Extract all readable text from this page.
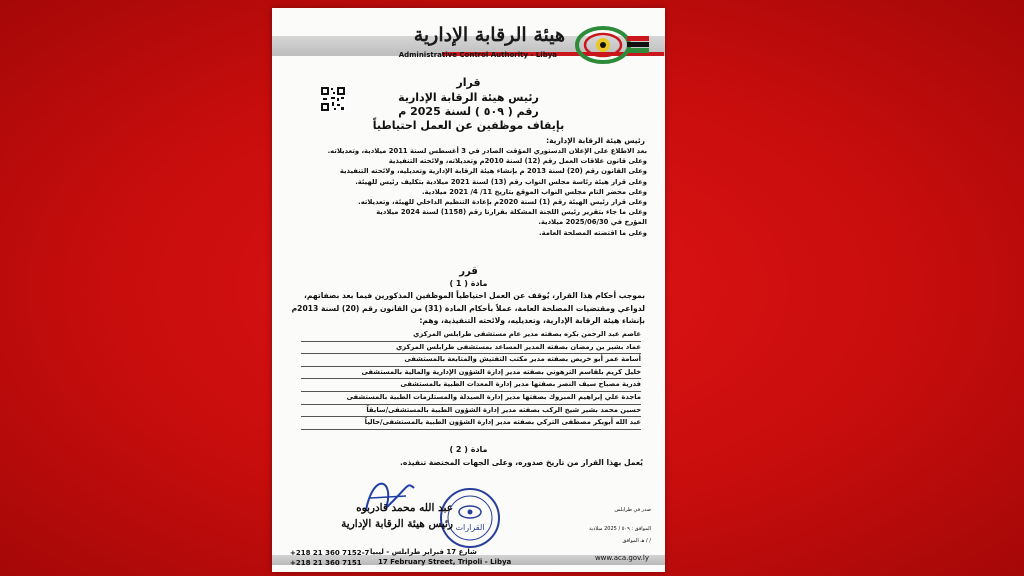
هيئة الرقابة الإدارية
Administrative Control Authority - Libya
قرار
رئيس هيئة الرقابة الإدارية
رقم ( ٥٠٩ ) لسنة 2025 م
بإيقاف موظفين عن العمل احتياطياً
رئيس هيئة الرقابة الإدارية:
بعد الاطلاع على الإعلان الدستوري المؤقت الصادر في 3 أغسطس لسنة 2011 ميلادية، وتعديلاته.
وعلى قانون علاقات العمل رقم (12) لسنة 2010م وتعديلاته، ولائحته التنفيذية
وعلى القانون رقم (20) لسنة 2013 م بإنشاء هيئة الرقابة الإدارية وتعديليه، ولائحته التنفيذية
وعلى قرار هيئة رئاسة مجلس النواب رقم (13) لسنة 2021 ميلادية بتكليف رئيس للهيئة.
وعلى محضر التام مجلس النواب الموقع بتاريخ 11/ 4/ 2021 ميلادية.
وعلى قرار رئيس الهيئة رقم (1) لسنة 2020م بإعادة التنظيم الداخلي للهيئة، وتعديلاته.
وعلى ما جاء بتقرير رئيس اللجنة المشكلة بقرارنا رقم (1158) لسنة 2024 ميلادية
المؤرخ في 2025/06/30 ميلادية.
وعلى ما اقتضته المصلحة العامة.
قرر
مادة ( 1 )
بموجب أحكام هذا القرار، يُوقف عن العمل احتياطياً الموظفين المذكورين فيما بعد بصفاتهم، لدواعي ومقتضيات المصلحة العامة، عملاً بأحكام المادة (31) من القانون رقم (20) لسنة 2013م بإنشاء هيئة الرقابة الإدارية، وتعديليه، ولائحته التنفيذية، وهم:
عاصم عبد الرحمن بكره بصفته مدير عام مستشفى طرابلس المركزي
عماد بشير بن رمضان بصفته المدير المساعد بمستشفى طرابلس المركزي
أسامة عمر أبو خريص بصفته مدير مكتب التفتيش والمتابعة بالمستشفى
خليل كريم بلقاسم الترهوني بصفته مدير إدارة الشؤون الإدارية والمالية بالمستشفى
فدرية مصباح سيف النصر بصفتها مدير إدارة المعدات الطبية بالمستشفى
ماجدة علي إبراهيم المبروك بصفتها مدير إدارة الصيدلة والمستلزمات الطبية بالمستشفى
حسين محمد بشير شيخ الركب بصفته مدير إدارة الشؤون الطبية بالمستشفى/سابقاً
عبد الله أبوبكر مصطفى التركي بصفته مدير إدارة الشؤون الطبية بالمستشفى/حالياً
مادة ( 2 )
يُعمل بهذا القرار من تاريخ صدوره، وعلى الجهات المختصة تنفيذه.
القرارات
عبد الله محمد قادربوه
رئيس هيئة الرقابة الإدارية
صدر في طرابلس
الموافق : ٥٠٩ / 2025 ميلادية
/ / هـ الموافق
+218 21 360 7152-7
+218 21 360 7151
شارع 17 فبراير طرابلس - ليبيا
17 February Street, Tripoli - Libya	www.aca.gov.ly
